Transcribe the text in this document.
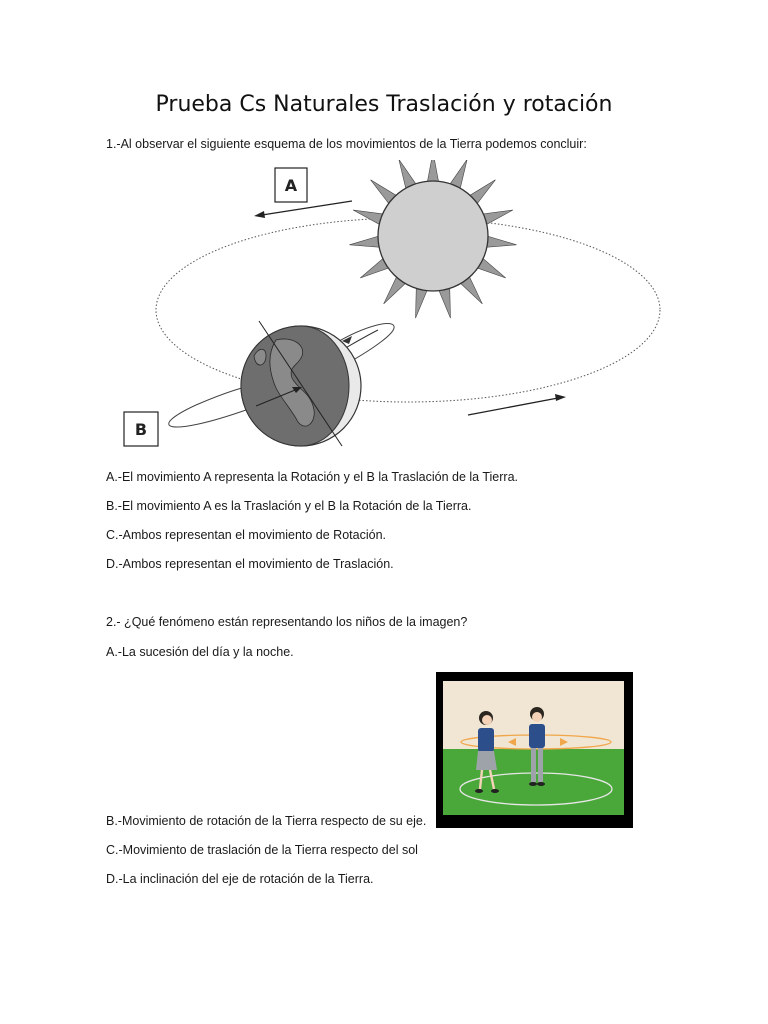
Prueba Cs Naturales Traslación y rotación
1.-Al observar el siguiente esquema de los movimientos de la Tierra podemos concluir:
A
B
A.-El movimiento A representa la Rotación y el B la Traslación de la Tierra.
B.-El movimiento A es la Traslación y el B la Rotación de la Tierra.
C.-Ambos representan el movimiento de Rotación.
D.-Ambos representan el movimiento de Traslación.
2.- ¿Qué fenómeno están representando los niños de la imagen?
A.-La sucesión del día y la noche.
B.-Movimiento de rotación de la Tierra respecto de su eje.
C.-Movimiento de traslación de la Tierra respecto del sol
D.-La inclinación del eje de rotación de la Tierra.
